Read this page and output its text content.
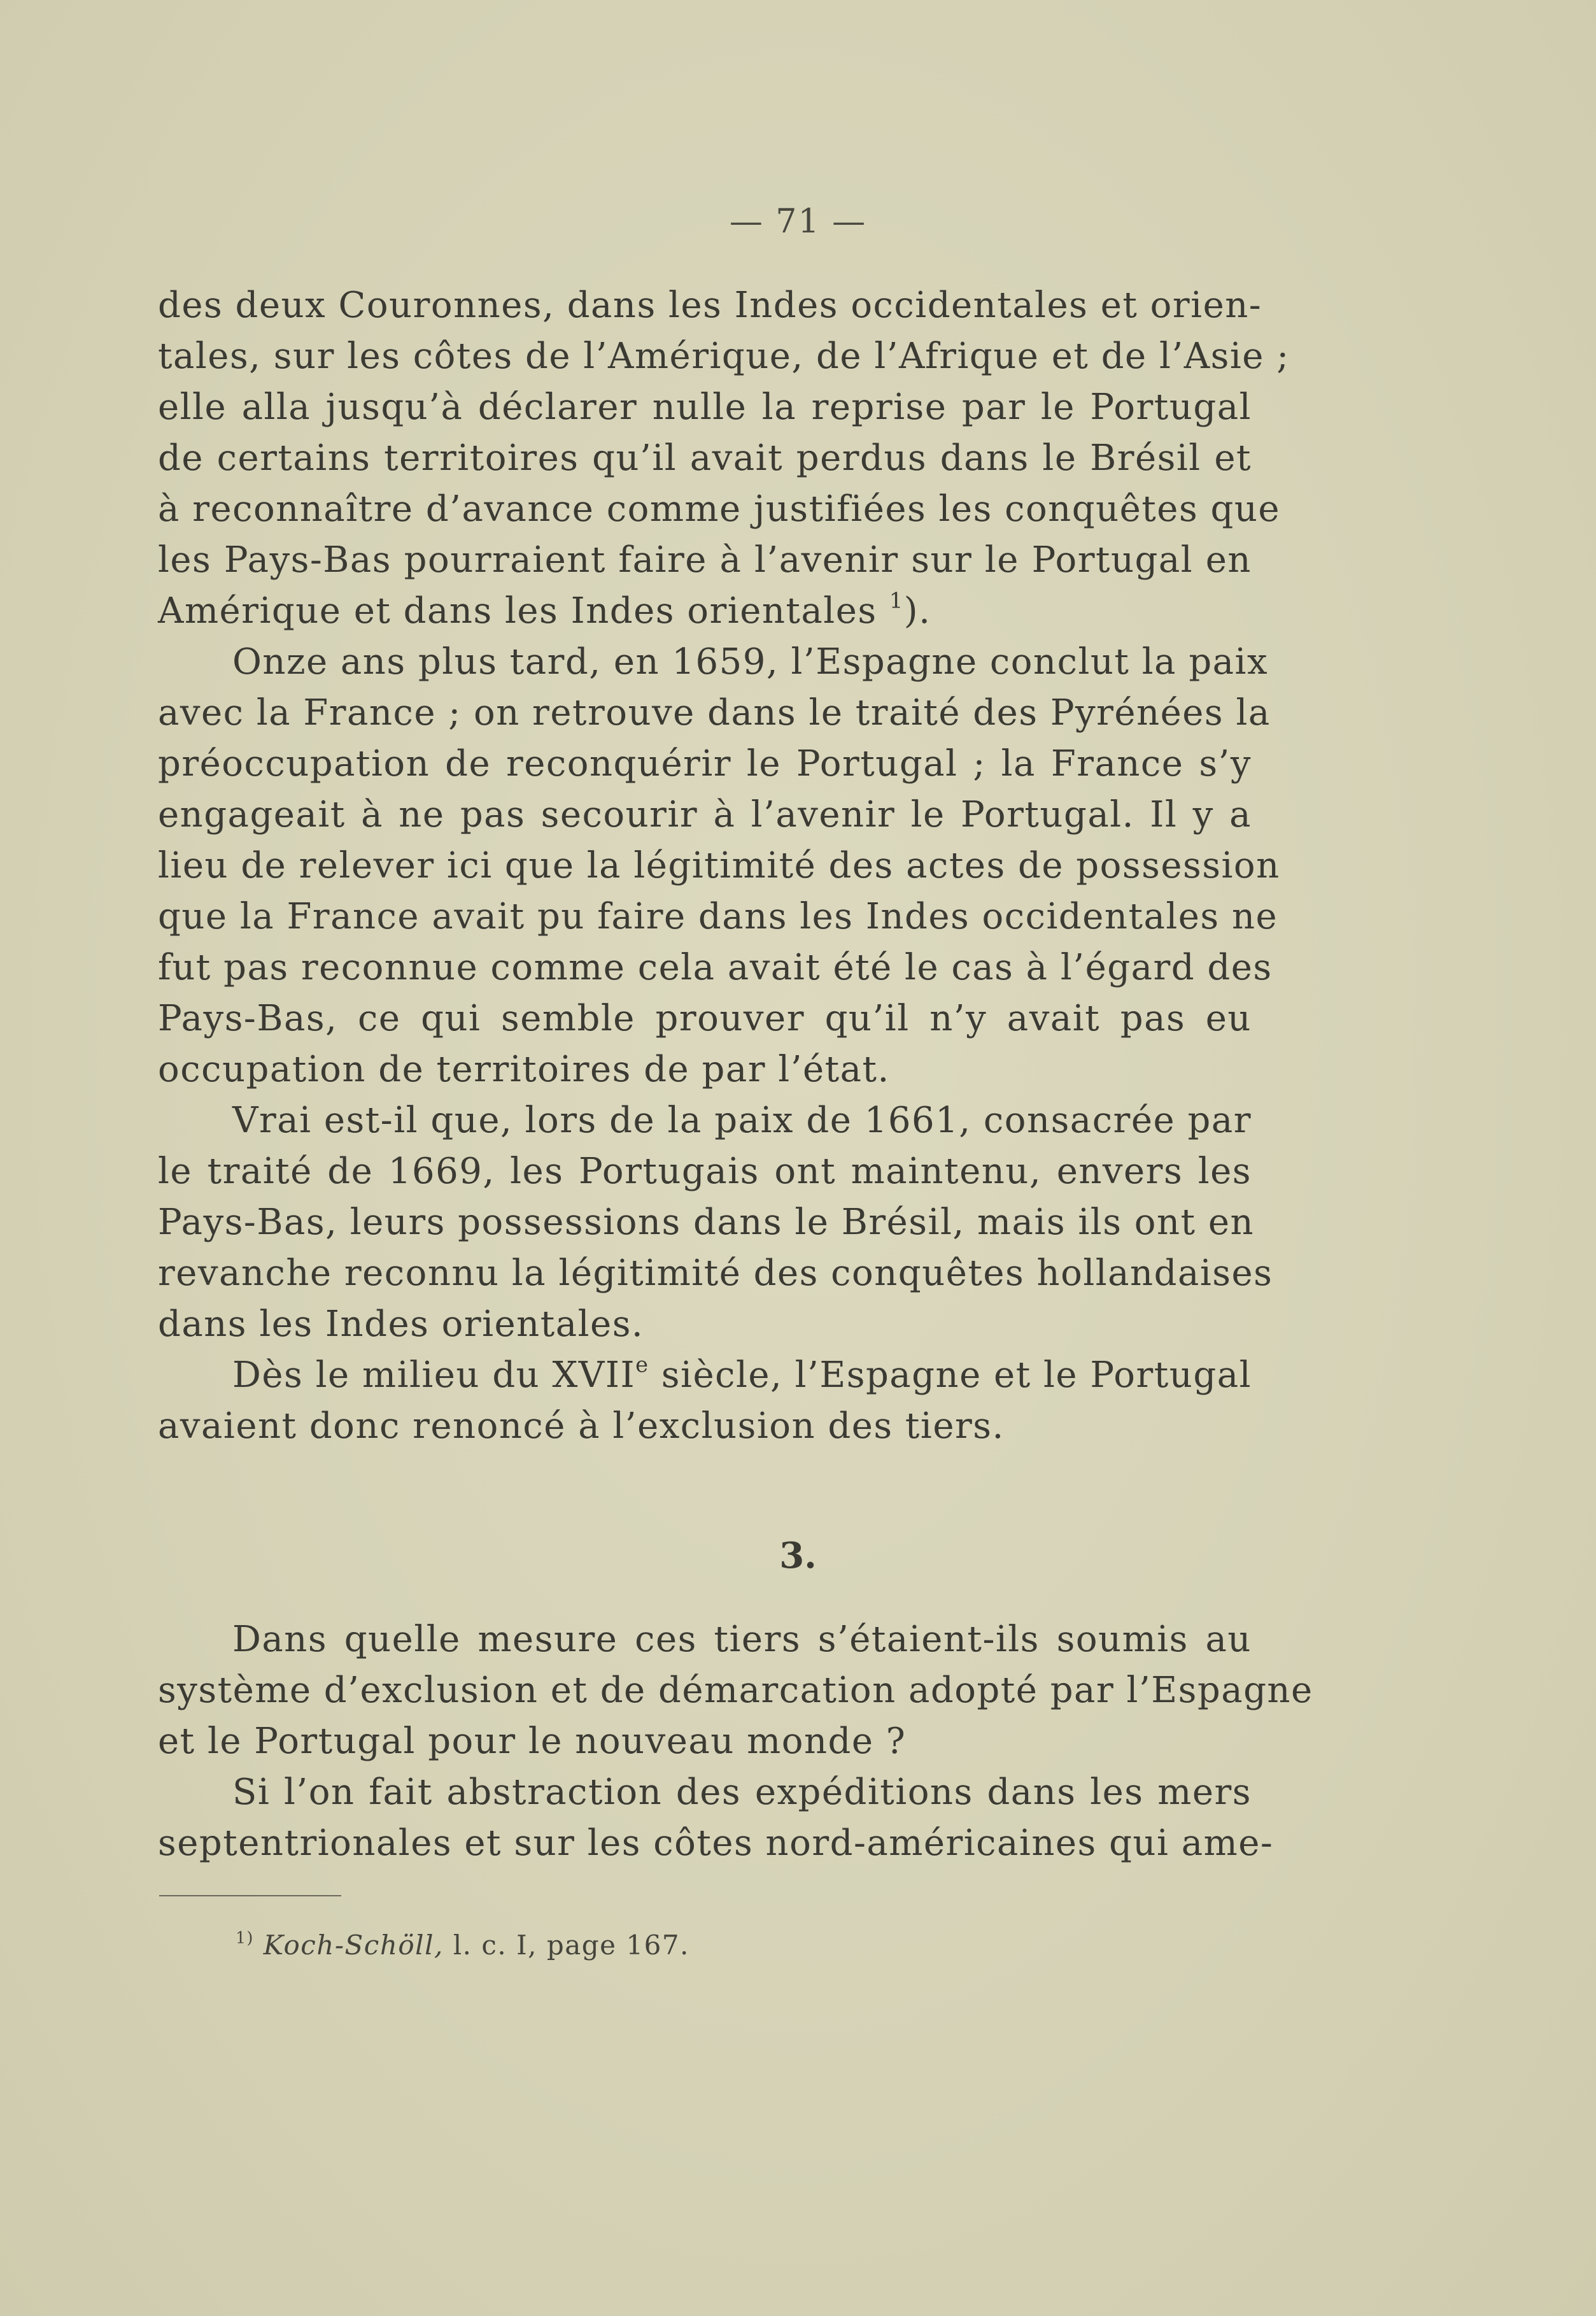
— 71 —
des deux Couronnes, dans les Indes occidentales et orien-
tales, sur les côtes de l’Amérique, de l’Afrique et de l’Asie ;
elle alla jusqu’à déclarer nulle la reprise par le Portugal
de certains territoires qu’il avait perdus dans le Brésil et
à reconnaître d’avance comme justifiées les conquêtes que
les Pays-Bas pourraient faire à l’avenir sur le Portugal en
Amérique et dans les Indes orientales $^1$).
Onze ans plus tard, en 1659, l’Espagne conclut la paix
avec la France ; on retrouve dans le traité des Pyrénées la
préoccupation de reconquérir le Portugal ; la France s’y
engageait à ne pas secourir à l’avenir le Portugal. Il y a
lieu de relever ici que la légitimité des actes de possession
que la France avait pu faire dans les Indes occidentales ne
fut pas reconnue comme cela avait été le cas à l’égard des
Pays-Bas, ce qui semble prouver qu’il n’y avait pas eu
occupation de territoires de par l’état.
Vrai est-il que, lors de la paix de 1661, consacrée par
le traité de 1669, les Portugais ont maintenu, envers les
Pays-Bas, leurs possessions dans le Brésil, mais ils ont en
revanche reconnu la légitimité des conquêtes hollandaises
dans les Indes orientales.
Dès le milieu du XVIIe siècle, l’Espagne et le Portugal
avaient donc renoncé à l’exclusion des tiers.
3.
Dans quelle mesure ces tiers s’étaient-ils soumis au
système d’exclusion et de démarcation adopté par l’Espagne
et le Portugal pour le nouveau monde ?
Si l’on fait abstraction des expéditions dans les mers
septentrionales et sur les côtes nord-américaines qui ame-
$^{1)}$ Koch-Schöll, l. c. I, page 167.
